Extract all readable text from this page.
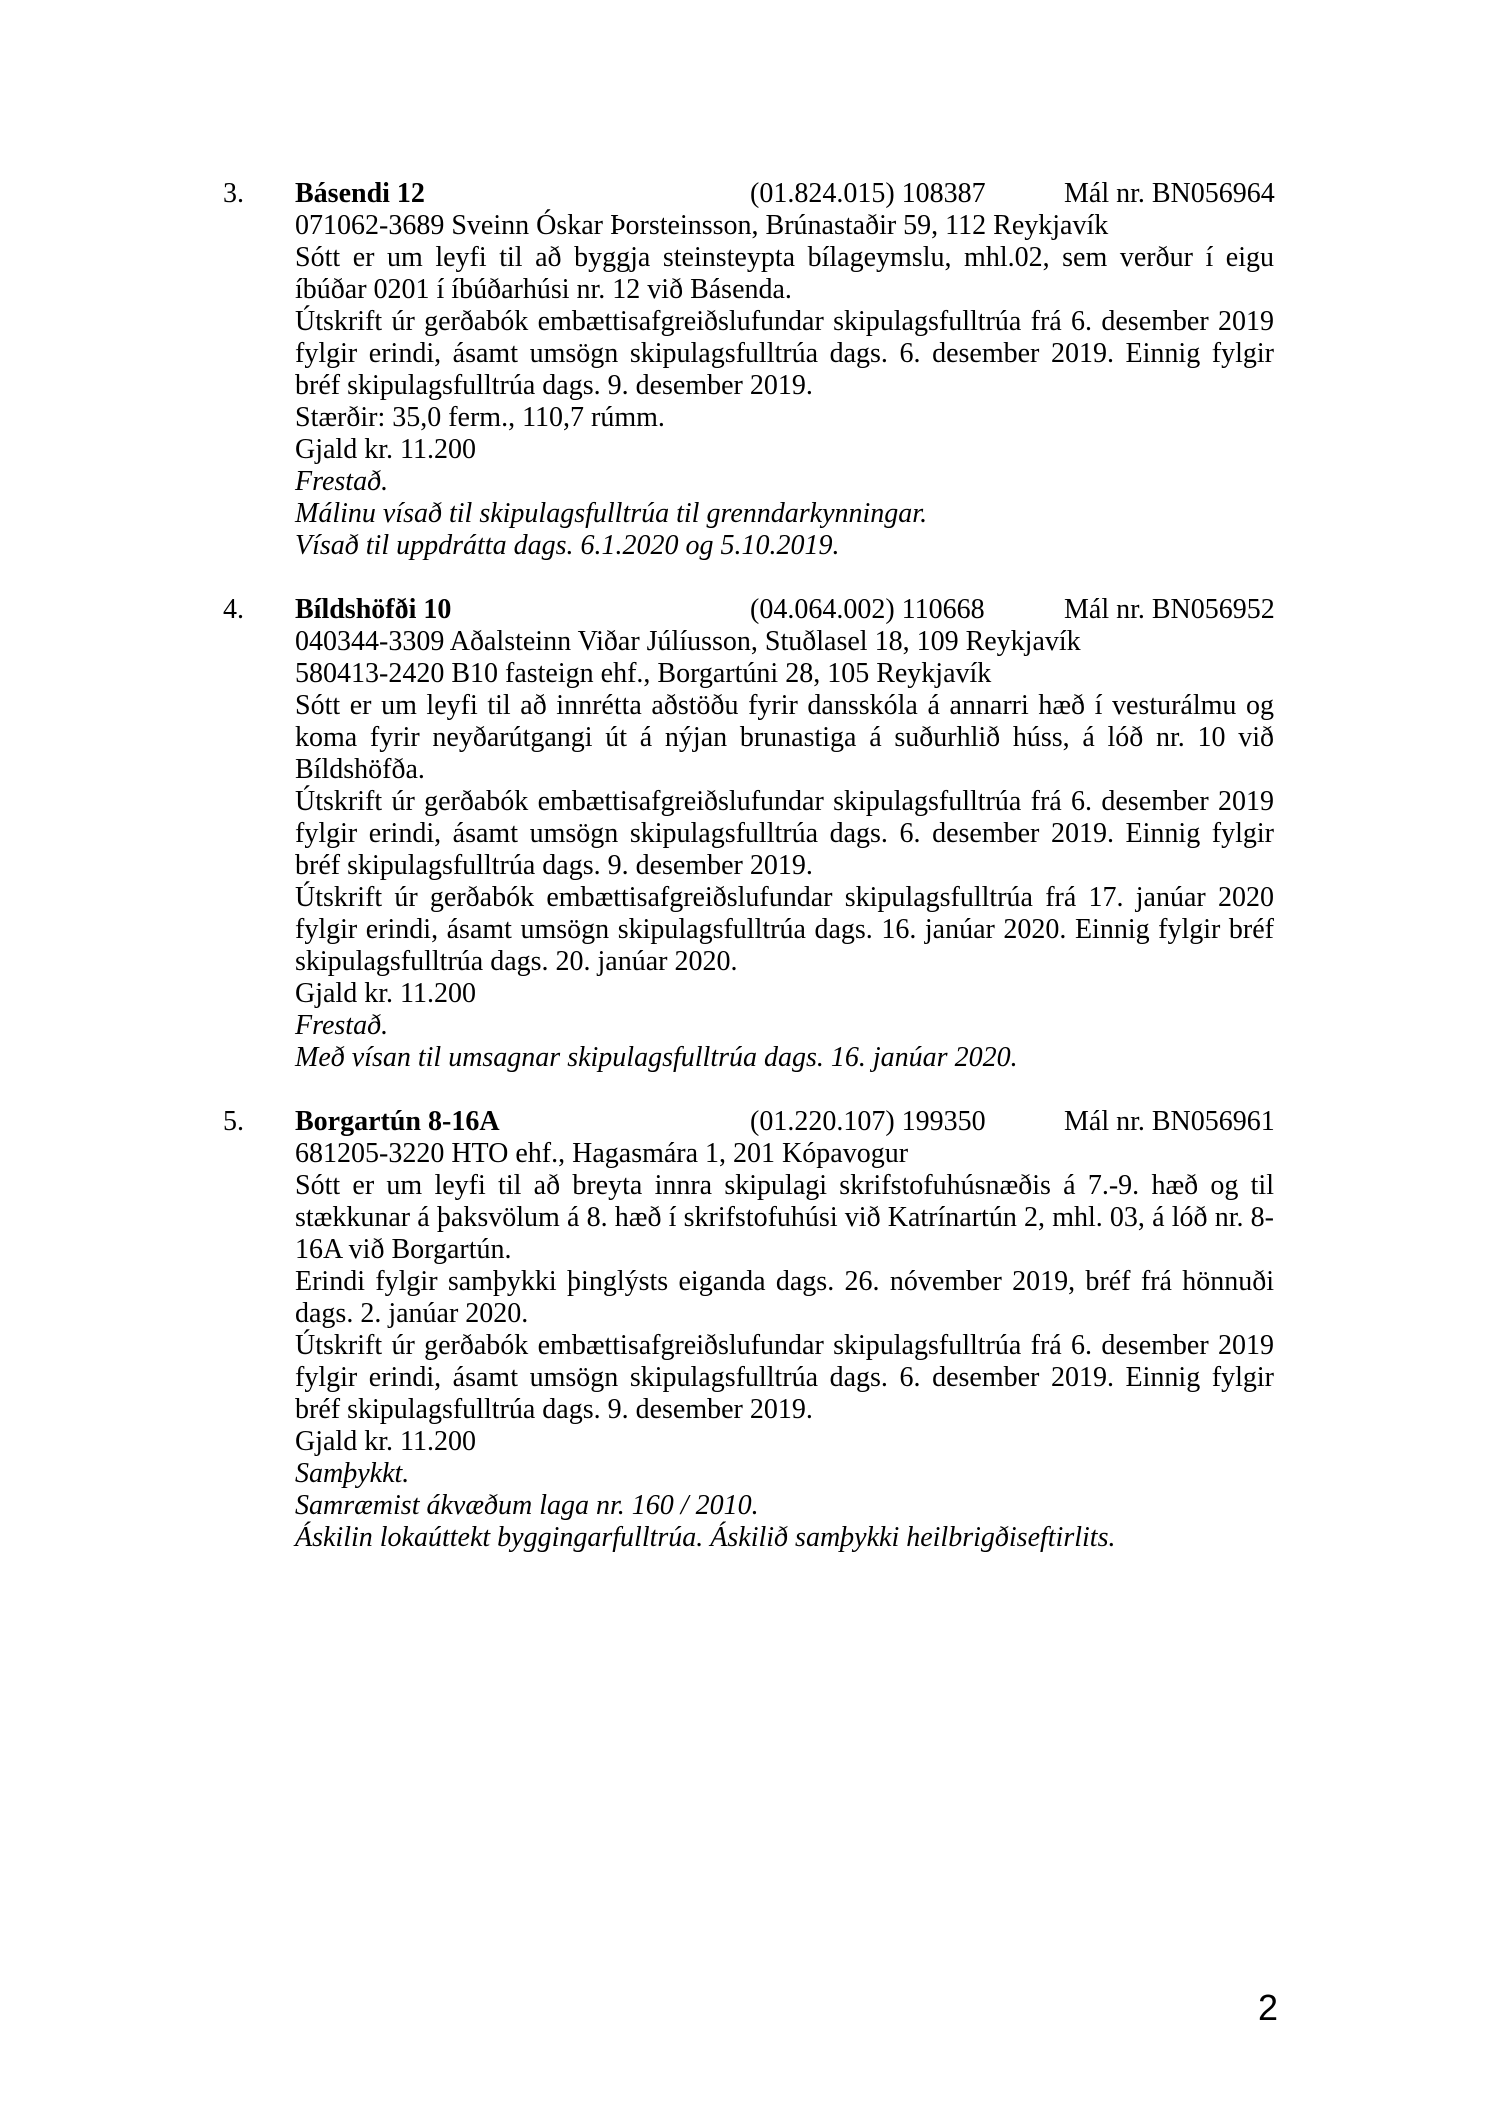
3. Básendi 12	(01.824.015) 108387	Mál nr. BN056964
071062-3689 Sveinn Óskar Þorsteinsson, Brúnastaðir 59, 112 Reykjavík
Sótt er um leyfi til að byggja steinsteypta bílageymslu, mhl.02, sem verður í eigu
íbúðar 0201 í íbúðarhúsi nr. 12 við Básenda.
Útskrift úr gerðabók embættisafgreiðslufundar skipulagsfulltrúa frá 6. desember 2019
fylgir erindi, ásamt umsögn skipulagsfulltrúa dags. 6. desember 2019. Einnig fylgir
bréf skipulagsfulltrúa dags. 9. desember 2019.
Stærðir: 35,0 ferm., 110,7 rúmm.
Gjald kr. 11.200
Frestað.
Málinu vísað til skipulagsfulltrúa til grenndarkynningar.
Vísað til uppdrátta dags. 6.1.2020 og 5.10.2019.
4. Bíldshöfði 10	(04.064.002) 110668	Mál nr. BN056952
040344-3309 Aðalsteinn Viðar Júlíusson, Stuðlasel 18, 109 Reykjavík
580413-2420 B10 fasteign ehf., Borgartúni 28, 105 Reykjavík
Sótt er um leyfi til að innrétta aðstöðu fyrir dansskóla á annarri hæð í vesturálmu og
koma fyrir neyðarútgangi út á nýjan brunastiga á suðurhlið húss, á lóð nr. 10 við
Bíldshöfða.
Útskrift úr gerðabók embættisafgreiðslufundar skipulagsfulltrúa frá 6. desember 2019
fylgir erindi, ásamt umsögn skipulagsfulltrúa dags. 6. desember 2019. Einnig fylgir
bréf skipulagsfulltrúa dags. 9. desember 2019.
Útskrift úr gerðabók embættisafgreiðslufundar skipulagsfulltrúa frá 17. janúar 2020
fylgir erindi, ásamt umsögn skipulagsfulltrúa dags. 16. janúar 2020. Einnig fylgir bréf
skipulagsfulltrúa dags. 20. janúar 2020.
Gjald kr. 11.200
Frestað.
Með vísan til umsagnar skipulagsfulltrúa dags. 16. janúar 2020.
5. Borgartún 8-16A	(01.220.107) 199350	Mál nr. BN056961
681205-3220 HTO ehf., Hagasmára 1, 201 Kópavogur
Sótt er um leyfi til að breyta innra skipulagi skrifstofuhúsnæðis á 7.-9. hæð og til
stækkunar á þaksvölum á 8. hæð í skrifstofuhúsi við Katrínartún 2, mhl. 03, á lóð nr. 8-
16A við Borgartún.
Erindi fylgir samþykki þinglýsts eiganda dags. 26. nóvember 2019, bréf frá hönnuði
dags. 2. janúar 2020.
Útskrift úr gerðabók embættisafgreiðslufundar skipulagsfulltrúa frá 6. desember 2019
fylgir erindi, ásamt umsögn skipulagsfulltrúa dags. 6. desember 2019. Einnig fylgir
bréf skipulagsfulltrúa dags. 9. desember 2019.
Gjald kr. 11.200
Samþykkt.
Samræmist ákvæðum laga nr. 160 / 2010.
Áskilin lokaúttekt byggingarfulltrúa. Áskilið samþykki heilbrigðiseftirlits.
2
